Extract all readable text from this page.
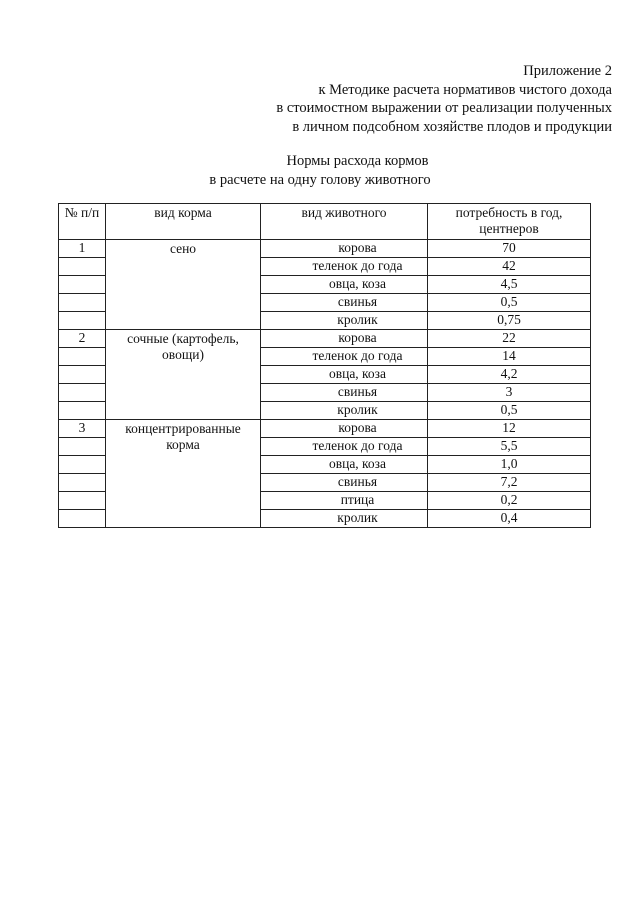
Приложение 2
к Методике расчета нормативов чистого дохода
в стоимостном выражении от реализации полученных
в личном подсобном хозяйстве плодов и продукции
Нормы расхода кормов
в расчете на одну голову животного
№ п/п	вид корма	вид животного	потребность в год, центнеров
1	сено	корова	70
		теленок до года	42
		овца, коза	4,5
		свинья	0,5
		кролик	0,75
2	сочные (картофель, овощи)	корова	22
		теленок до года	14
		овца, коза	4,2
		свинья	3
		кролик	0,5
3	концентрированные корма	корова	12
		теленок до года	5,5
		овца, коза	1,0
		свинья	7,2
		птица	0,2
		кролик	0,4
